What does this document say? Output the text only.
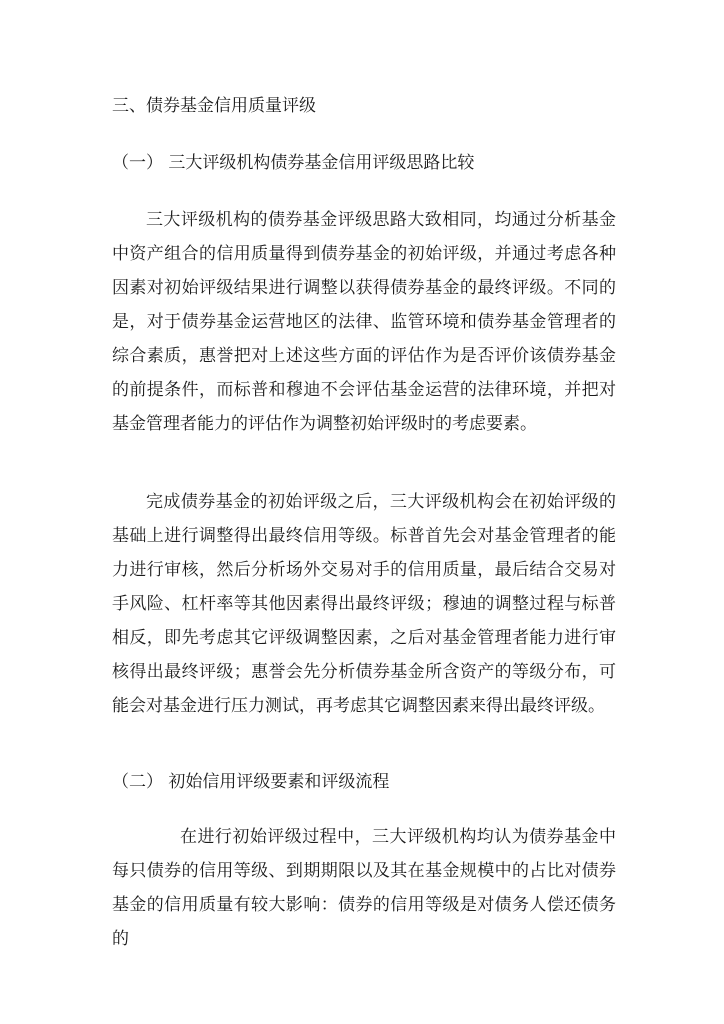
三、债券基金信用质量评级
（一） 三大评级机构债券基金信用评级思路比较

三大评级机构的债券基金评级思路大致相同，均通过分析基金中资产组合的信用质量得到债券基金的初始评级，并通过考虑各种因素对初始评级结果进行调整以获得债券基金的最终评级。不同的是，对于债券基金运营地区的法律、监管环境和债券基金管理者的综合素质，惠誉把对上述这些方面的评估作为是否评价该债券基金的前提条件，而标普和穆迪不会评估基金运营的法律环境，并把对基金管理者能力的评估作为调整初始评级时的考虑要素。

完成债券基金的初始评级之后，三大评级机构会在初始评级的基础上进行调整得出最终信用等级。标普首先会对基金管理者的能力进行审核，然后分析场外交易对手的信用质量，最后结合交易对手风险、杠杆率等其他因素得出最终评级；穆迪的调整过程与标普相反，即先考虑其它评级调整因素，之后对基金管理者能力进行审核得出最终评级；惠誉会先分析债券基金所含资产的等级分布，可能会对基金进行压力测试，再考虑其它调整因素来得出最终评级。

（二） 初始信用评级要素和评级流程

在进行初始评级过程中，三大评级机构均认为债券基金中每只债券的信用等级、到期期限以及其在基金规模中的占比对债券基金的信用质量有较大影响：债券的信用等级是对债务人偿还债务的
